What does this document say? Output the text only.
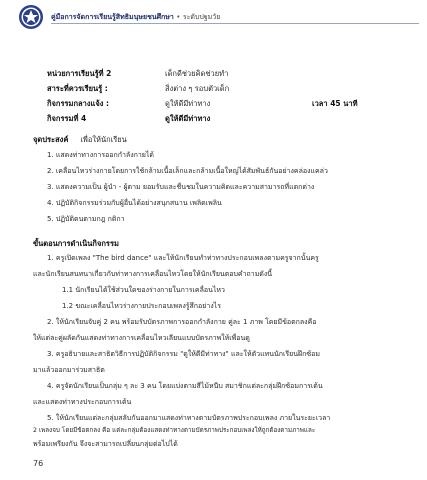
คู่มือการจัดการเรียนรู้สิทธิมนุษยชนศึกษา • ระดับปฐมวัย
หน่วยการเรียนรู้ที่ 2	เด็กดีช่วยคิดช่วยทำ
สาระที่ควรเรียนรู้ :	สิ่งต่าง ๆ รอบตัวเด็ก
กิจกรรมกลางแจ้ง :	ดูให้ดีมีท่าทาง	เวลา 45 นาที
กิจกรรมที่ 4	ดูให้ดีมีท่าทาง
จุดประสงค์ เพื่อให้นักเรียน
1. แสดงท่าทางการออกกำลังกายได้
2. เคลื่อนไหวร่างกายโดยการใช้กล้ามเนื้อเล็กและกล้ามเนื้อใหญ่ได้สัมพันธ์กันอย่างคล่องแคล่ว
3. แสดงความเป็น ผู้นำ - ผู้ตาม ยอมรับและชื่นชมในความคิดและความสามารถที่แตกต่าง
4. ปฏิบัติกิจกรรมร่วมกับผู้อื่นได้อย่างสนุกสนาน เพลิดเพลิน
5. ปฏิบัติตนตามกฎ กติกา
ขั้นตอนการดำเนินกิจกรรม
1. ครูเปิดเพลง "The bird dance" และให้นักเรียนทำท่าทางประกอบเพลงตามครูจากนั้นครู
และนักเรียนสนทนาเกี่ยวกับท่าทางการเคลื่อนไหวโดยให้นักเรียนตอบคำถามดังนี้
1.1 นักเรียนได้ใช้ส่วนใดของร่างกายในการเคลื่อนไหว
1.2 ขณะเคลื่อนไหวร่างกายประกอบเพลงรู้สึกอย่างไร
2. ให้นักเรียนจับคู่ 2 คน พร้อมรับบัตรภาพการออกกำลังกาย คู่ละ 1 ภาพ โดยมีข้อตกลงคือ
ให้แต่ละคู่ผลัดกันแสดงท่าทางการเคลื่อนไหวเลียนแบบบัตรภาพให้เพื่อนดู
3. ครูอธิบายและสาธิตวิธีการปฏิบัติกิจกรรม "ดูให้ดีมีท่าทาง" และให้ตัวแทนนักเรียนฝึกซ้อม
มาแล้วออกมาร่วมสาธิต
4. ครูจัดนักเรียนเป็นกลุ่ม ๆ ละ 3 คน โดยแบ่งตามสีไม้หนีบ สมาชิกแต่ละกลุ่มฝึกซ้อมการเต้น
และแสดงท่าทางประกอบการเต้น
5. ให้นักเรียนแต่ละกลุ่มสลับกันออกมาแสดงท่าทางตามบัตรภาพประกอบเพลง ภายในระยะเวลา
2 เพลงจบ โดยมีข้อตกลง คือ แต่ละกลุ่มต้องแสดงท่าทางตามบัตรภาพประกอบเพลงให้ถูกต้องตามภาพและ
พร้อมเพรียงกัน จึงจะสามารถเปลี่ยนกลุ่มต่อไปได้
76
